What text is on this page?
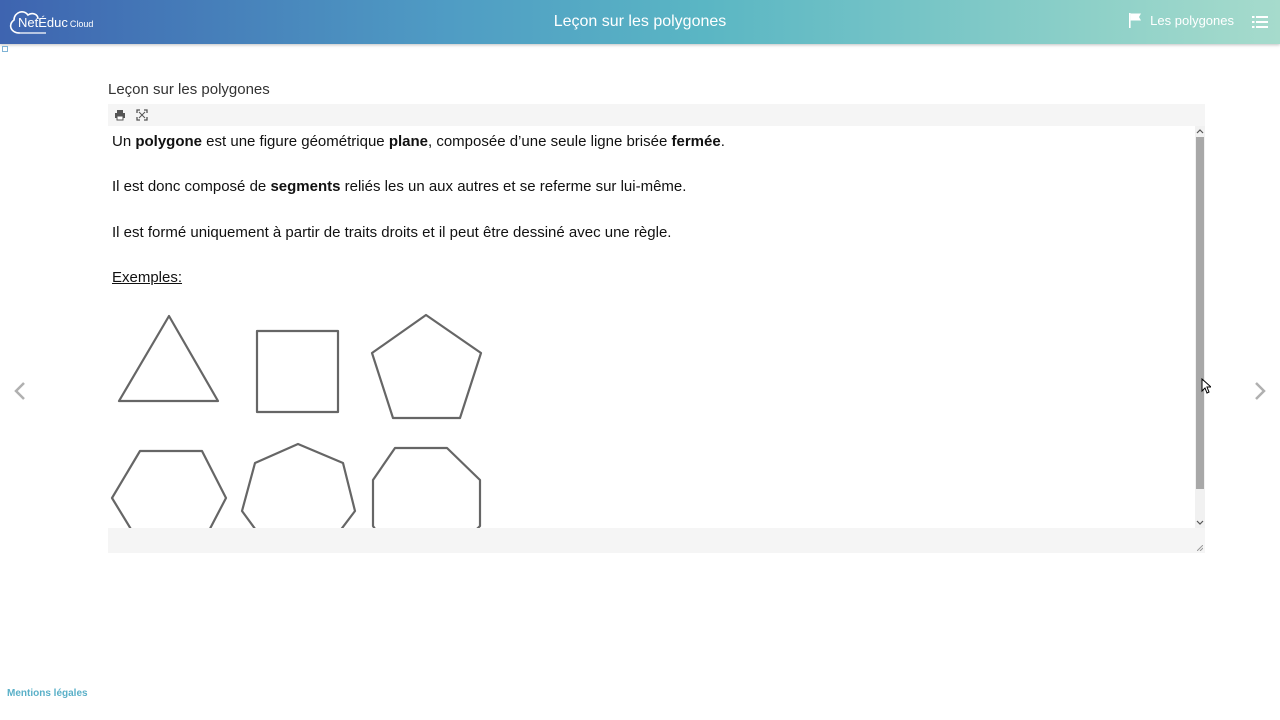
NetÉduc Cloud	Leçon sur les polygones	Les polygones
Leçon sur les polygones

Un polygone est une figure géométrique plane, composée d’une seule ligne brisée fermée.

Il est donc composé de segments reliés les un aux autres et se referme sur lui-même.

Il est formé uniquement à partir de traits droits et il peut être dessiné avec une règle.

Exemples:

Mentions légales
